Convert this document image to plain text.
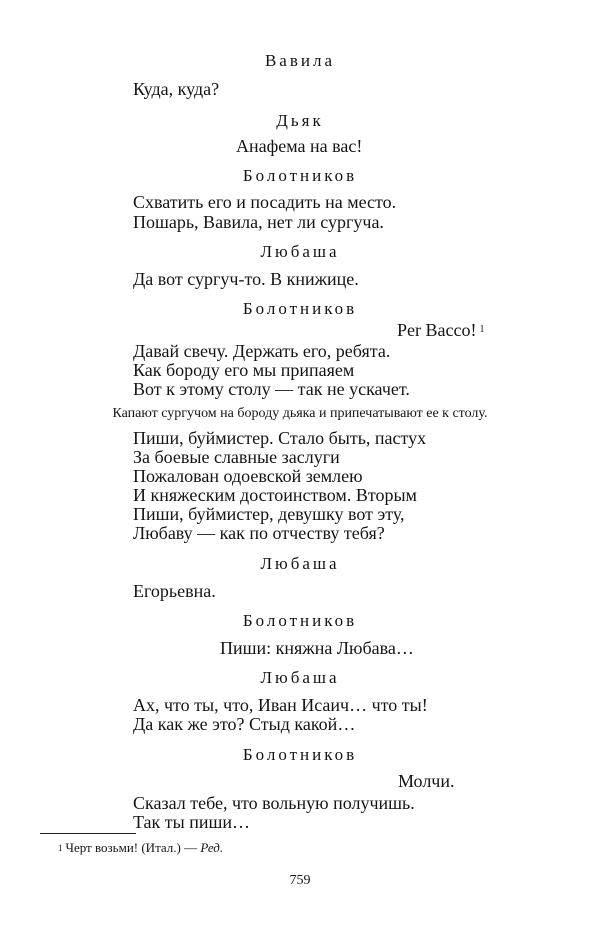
Вавила
Куда, куда?
Дьяк
Анафема на вас!
Болотников
Схватить его и посадить на место.
Пошарь, Вавила, нет ли сургуча.
Любаша
Да вот сургуч-то. В книжице.
Болотников
Per Bacco! $^1$
Давай свечу. Держать его, ребята.
Как бороду его мы припаяем
Вот к этому столу — так не ускачет.
Капают сургучом на бороду дьяка и припечатывают ее к столу.
Пиши, буймистер. Стало быть, пастух
За боевые славные заслуги
Пожалован одоевской землею
И княжеским достоинством. Вторым
Пиши, буймистер, девушку вот эту,
Любаву — как по отчеству тебя?
Любаша
Егорьевна.
Болотников
Пиши: княжна Любава…
Любаша
Ах, что ты, что, Иван Исаич… что ты!
Да как же это? Стыд какой…
Болотников
Молчи.
Сказал тебе, что вольную получишь.
Так ты пиши…
$^1$ Черт возьми! (Итал.) — Ред.
759
